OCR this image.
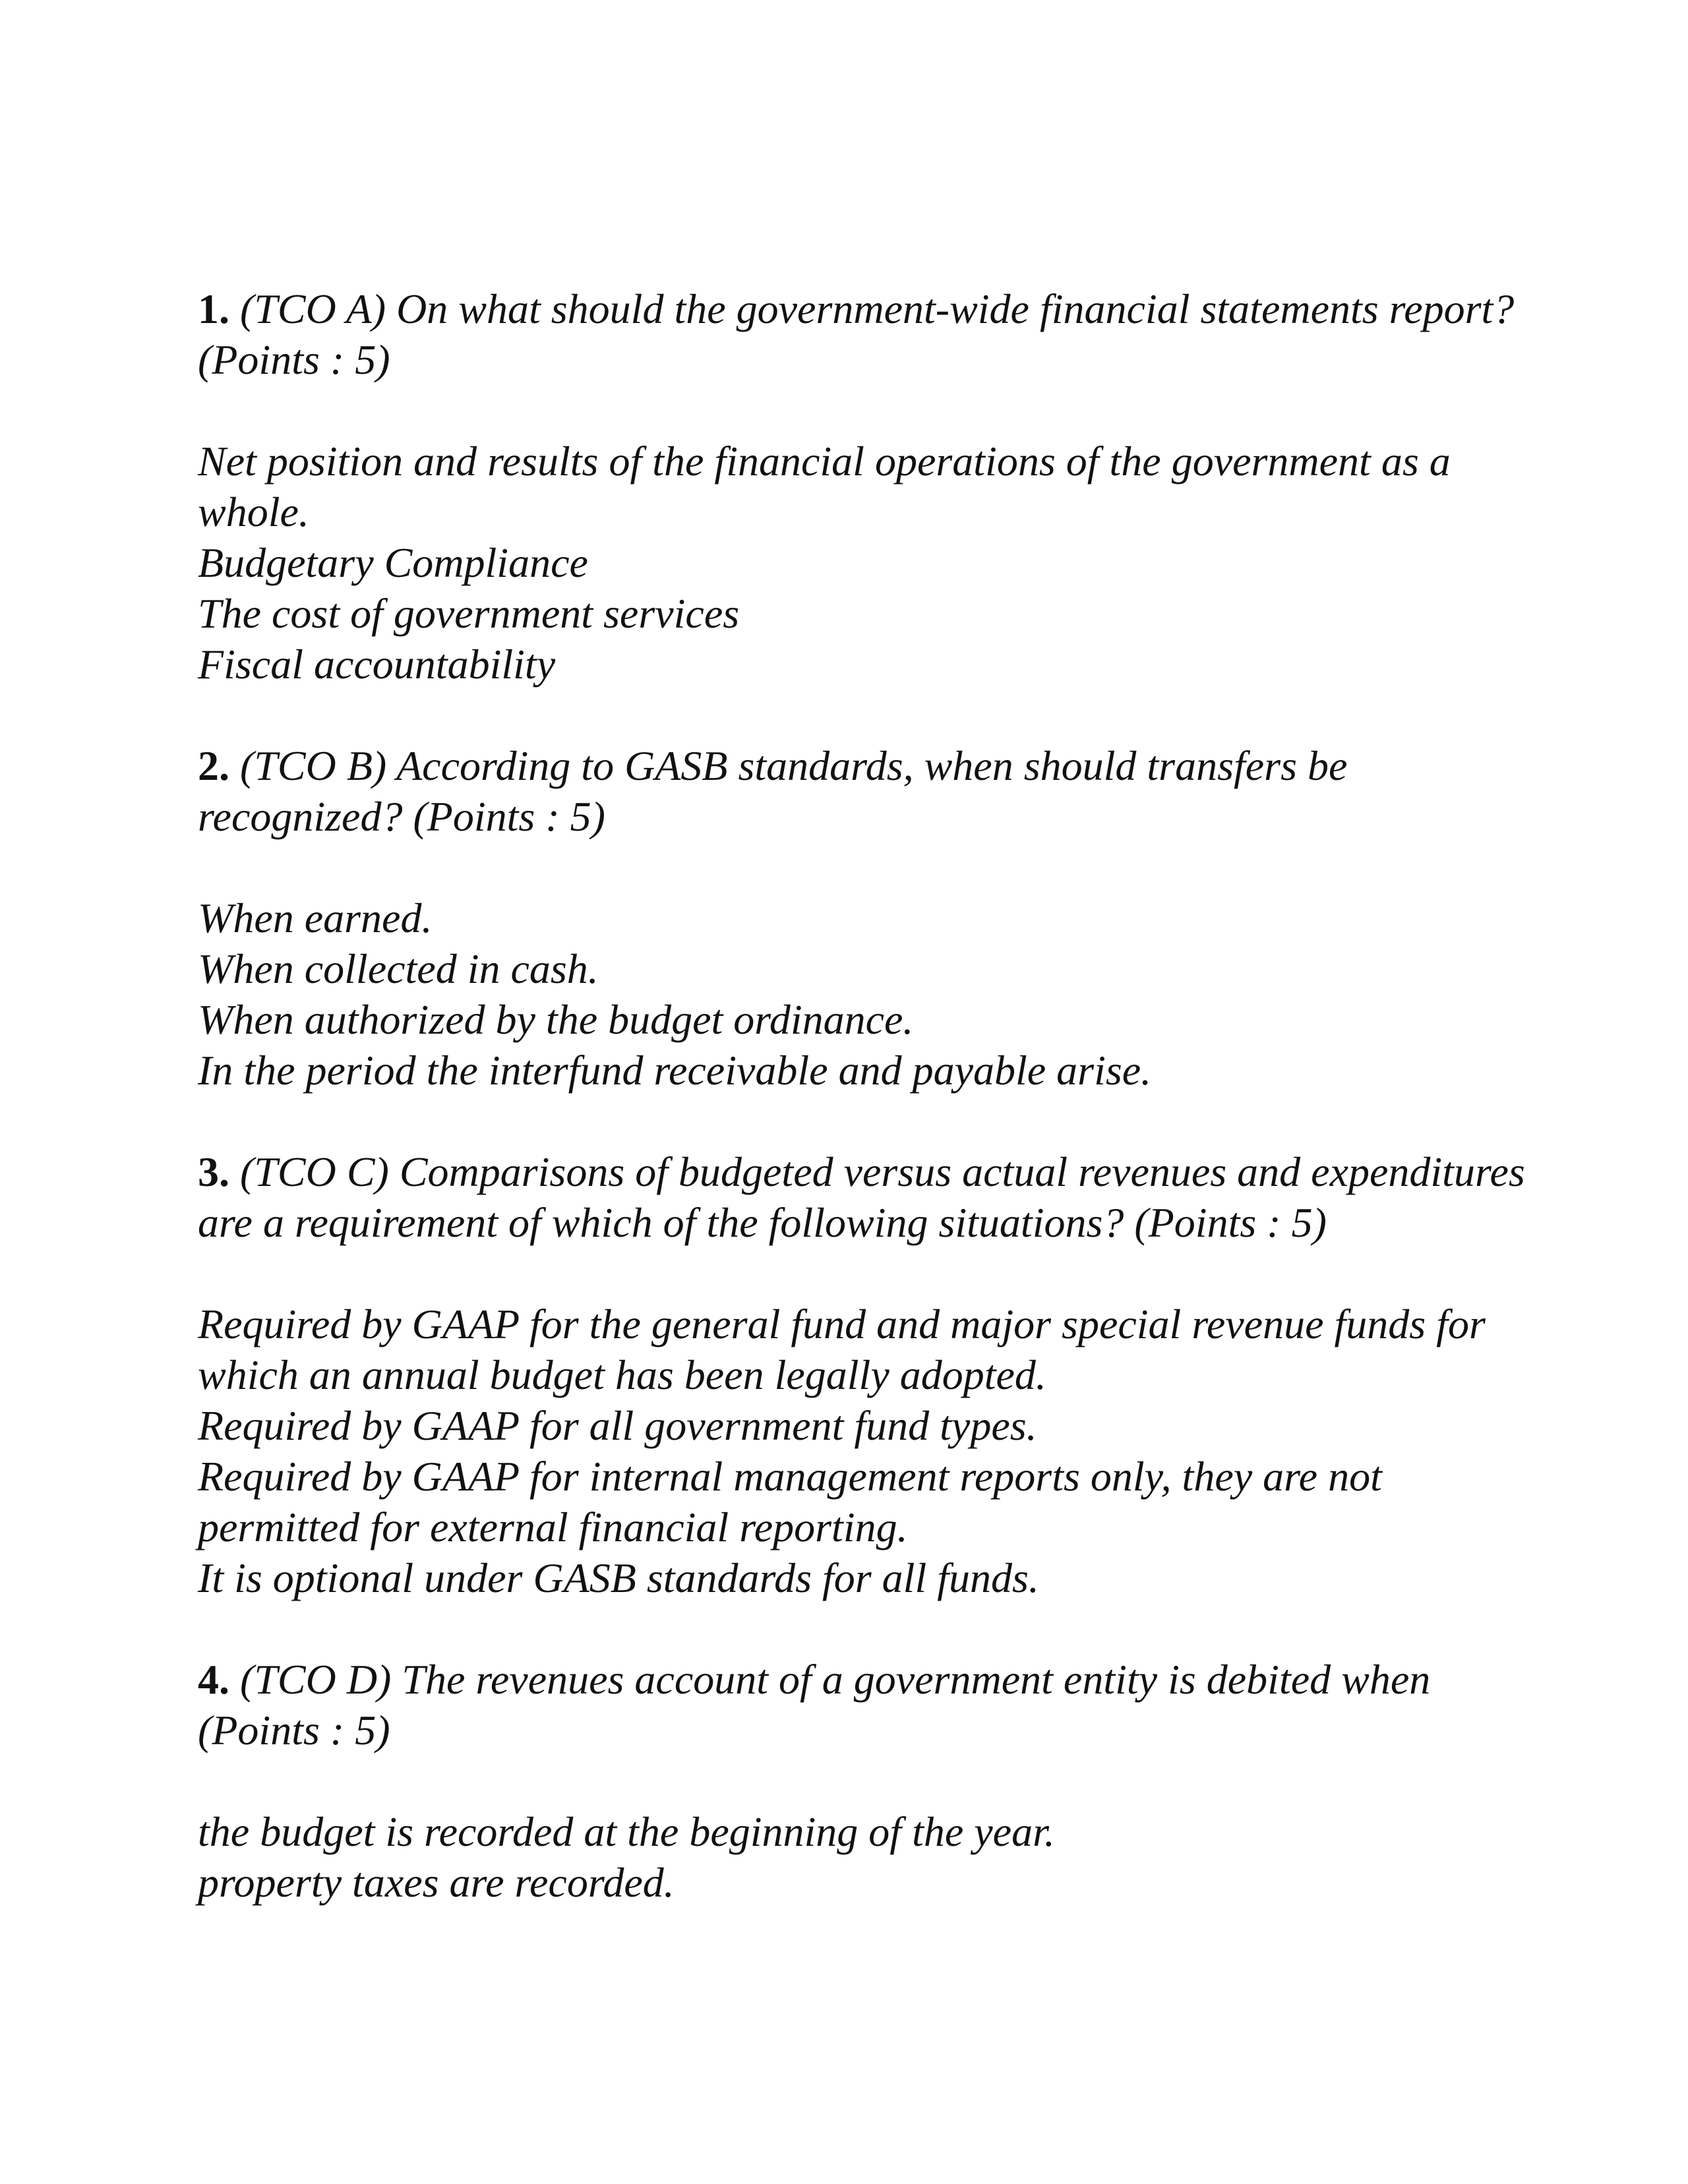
1. (TCO A) On what should the government-wide financial statements report? (Points : 5)

Net position and results of the financial operations of the government as a whole.
Budgetary Compliance
The cost of government services
Fiscal accountability

2. (TCO B) According to GASB standards, when should transfers be recognized? (Points : 5)

When earned.
When collected in cash.
When authorized by the budget ordinance.
In the period the interfund receivable and payable arise.

3. (TCO C) Comparisons of budgeted versus actual revenues and expenditures are a requirement of which of the following situations? (Points : 5)

Required by GAAP for the general fund and major special revenue funds for which an annual budget has been legally adopted.
Required by GAAP for all government fund types.
Required by GAAP for internal management reports only, they are not permitted for external financial reporting.
It is optional under GASB standards for all funds.

4. (TCO D) The revenues account of a government entity is debited when (Points : 5)

the budget is recorded at the beginning of the year.
property taxes are recorded.
